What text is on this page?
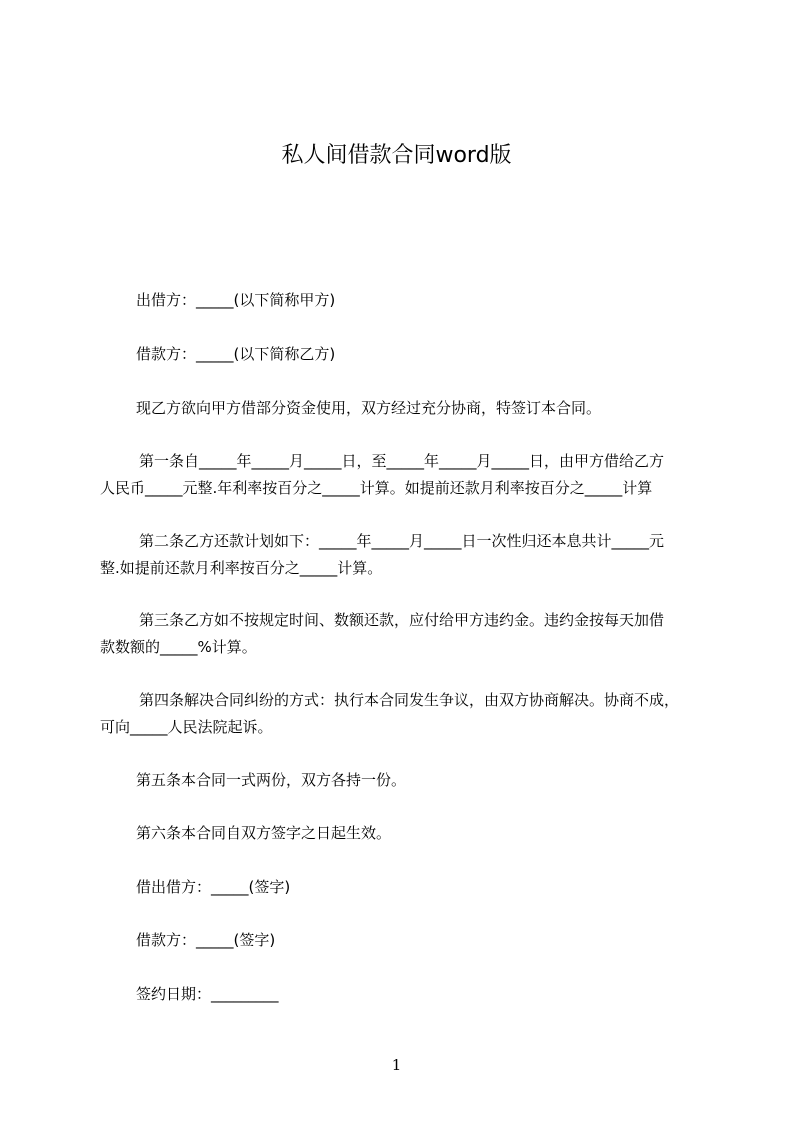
私人间借款合同word版

出借方：_____(以下简称甲方)

借款方：_____(以下简称乙方)

现乙方欲向甲方借部分资金使用，双方经过充分协商，特签订本合同。

第一条自_____年_____月_____日，至_____年_____月_____日，由甲方借给乙方
人民币_____元整.年利率按百分之_____计算。如提前还款月利率按百分之_____计算
第二条乙方还款计划如下：_____年_____月_____日一次性归还本息共计_____元
整.如提前还款月利率按百分之_____计算。
第三条乙方如不按规定时间、数额还款，应付给甲方违约金。违约金按每天加借
款数额的_____%计算。
第四条解决合同纠纷的方式：执行本合同发生争议，由双方协商解决。协商不成，
可向_____人民法院起诉。

第五条本合同一式两份，双方各持一份。

第六条本合同自双方签字之日起生效。

借出借方：_____(签字)

借款方：_____(签字)

签约日期：_________

1
